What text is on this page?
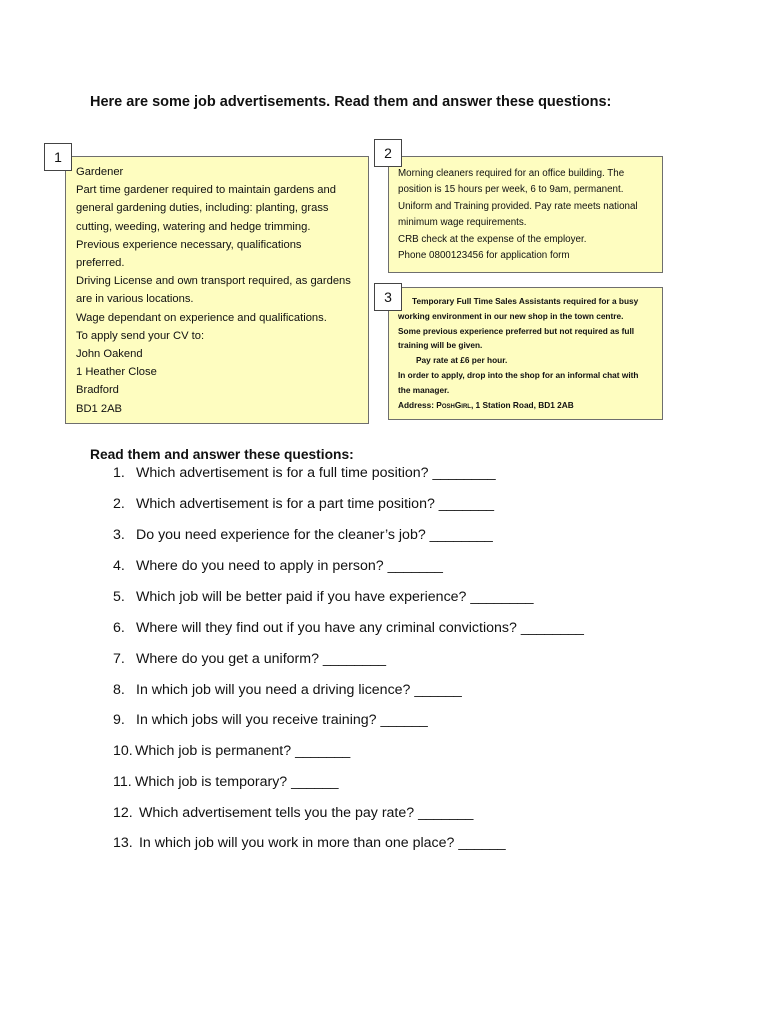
Here are some job advertisements. Read them and answer these questions:
Gardener
Part time gardener required to maintain gardens and
general gardening duties, including: planting, grass
cutting, weeding, watering and hedge trimming.
Previous experience necessary, qualifications
preferred.
Driving License and own transport required, as gardens
are in various locations.
Wage dependant on experience and qualifications.
To apply send your CV to:
John Oakend
1 Heather Close
Bradford
BD1 2AB
1
Morning cleaners required for an office building. The
position is 15 hours per week, 6 to 9am, permanent.
Uniform and Training provided. Pay rate meets national
minimum wage requirements.
CRB check at the expense of the employer.
Phone 0800123456 for application form
2
Temporary Full Time Sales Assistants required for a busy
working environment in our new shop in the town centre.
Some previous experience preferred but not required as full
training will be given.
Pay rate at £6 per hour.
In order to apply, drop into the shop for an informal chat with
the manager.
Address: PoshGirl, 1 Station Road, BD1 2AB
3
Read them and answer these questions:
1. Which advertisement is for a full time position? ________
2. Which advertisement is for a part time position? _______
3. Do you need experience for the cleaner’s job? ________
4. Where do you need to apply in person? _______
5. Which job will be better paid if you have experience? ________
6. Where will they find out if you have any criminal convictions? ________
7. Where do you get a uniform? ________
8. In which job will you need a driving licence? ______
9. In which jobs will you receive training? ______
10. Which job is permanent? _______
11. Which job is temporary? ______
12. Which advertisement tells you the pay rate? _______
13. In which job will you work in more than one place? ______
